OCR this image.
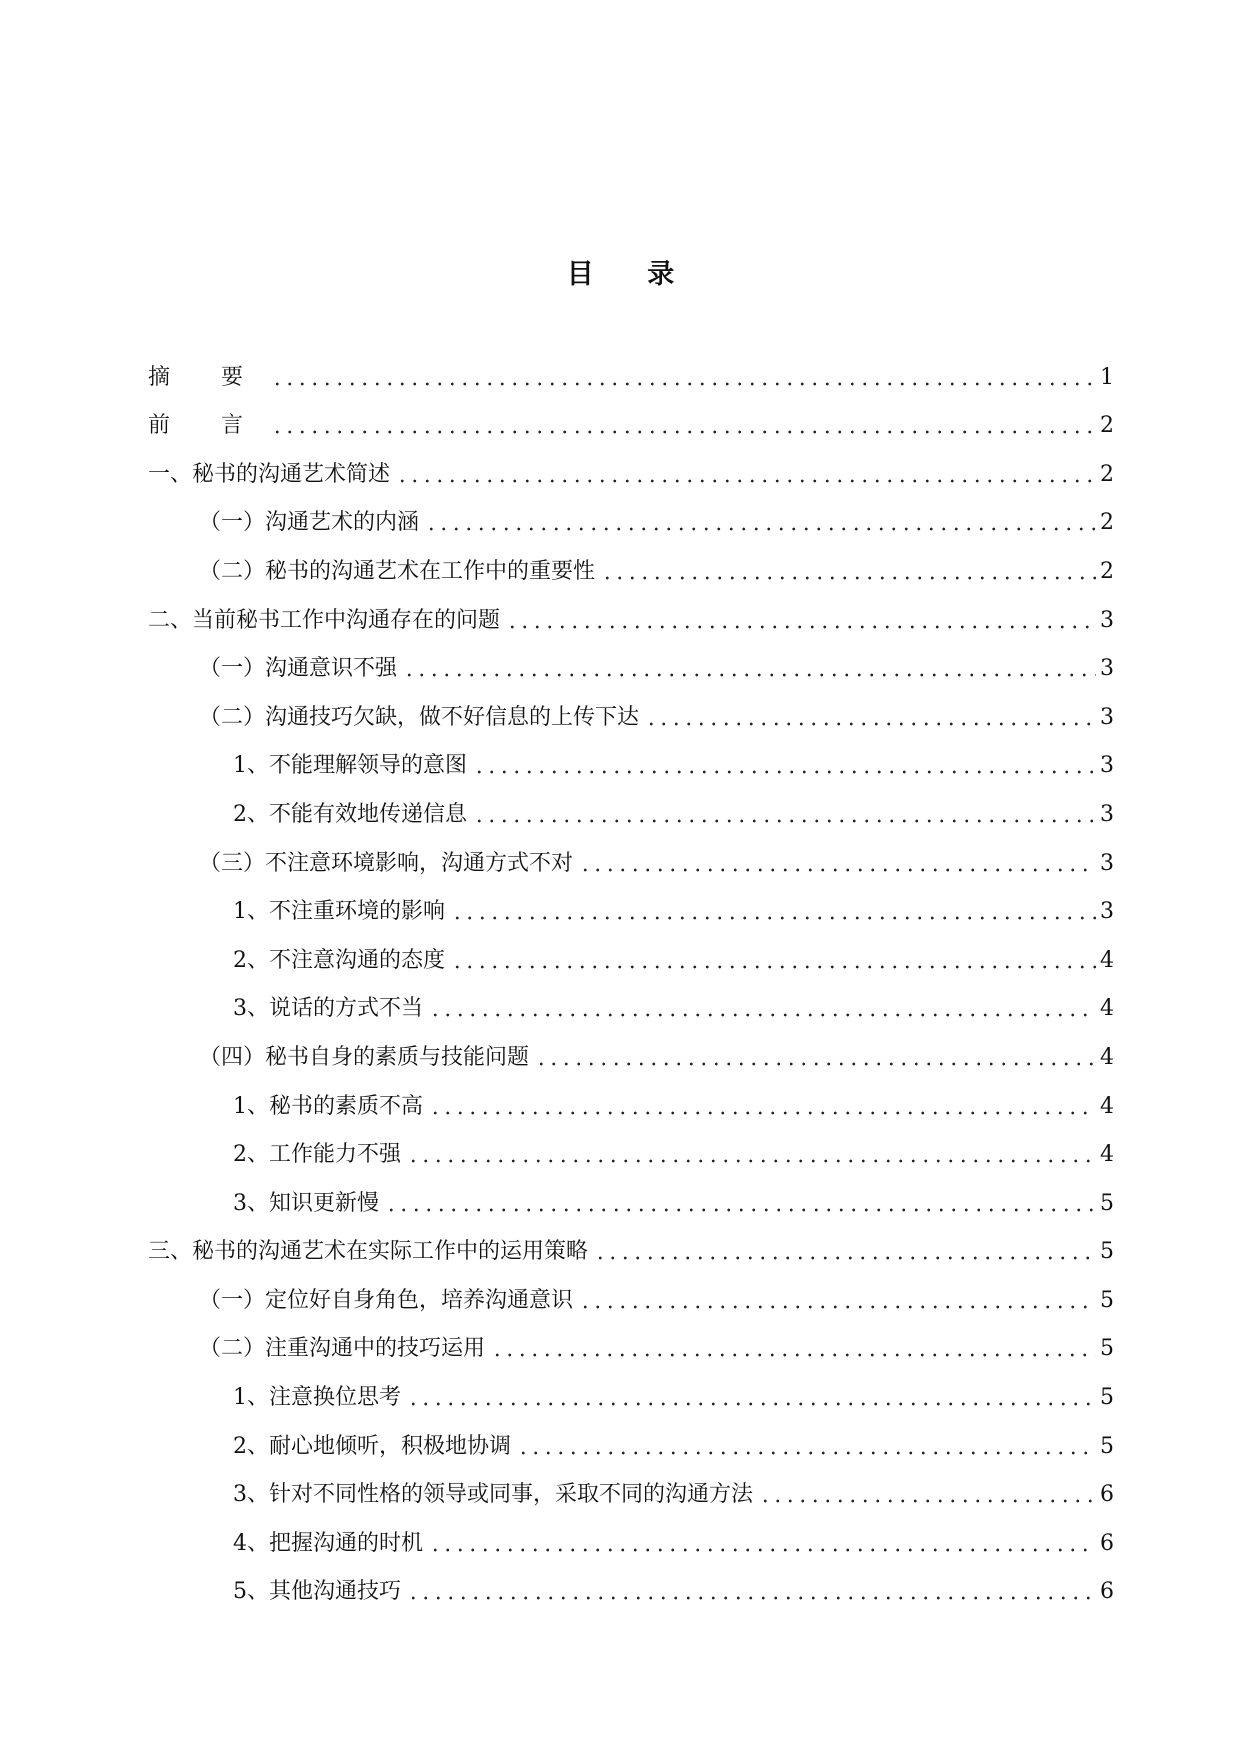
目 录
摘 要	1
前 言	2
一、秘书的沟通艺术简述	2
（一）沟通艺术的内涵	2
（二）秘书的沟通艺术在工作中的重要性	2
二、当前秘书工作中沟通存在的问题	3
（一）沟通意识不强	3
（二）沟通技巧欠缺，做不好信息的上传下达	3
1、不能理解领导的意图	3
2、不能有效地传递信息	3
（三）不注意环境影响，沟通方式不对	3
1、不注重环境的影响	3
2、不注意沟通的态度	4
3、说话的方式不当	4
（四）秘书自身的素质与技能问题	4
1、秘书的素质不高	4
2、工作能力不强	4
3、知识更新慢	5
三、秘书的沟通艺术在实际工作中的运用策略	5
（一）定位好自身角色，培养沟通意识	5
（二）注重沟通中的技巧运用	5
1、注意换位思考	5
2、耐心地倾听，积极地协调	5
3、针对不同性格的领导或同事，采取不同的沟通方法	6
4、把握沟通的时机	6
5、其他沟通技巧	6
